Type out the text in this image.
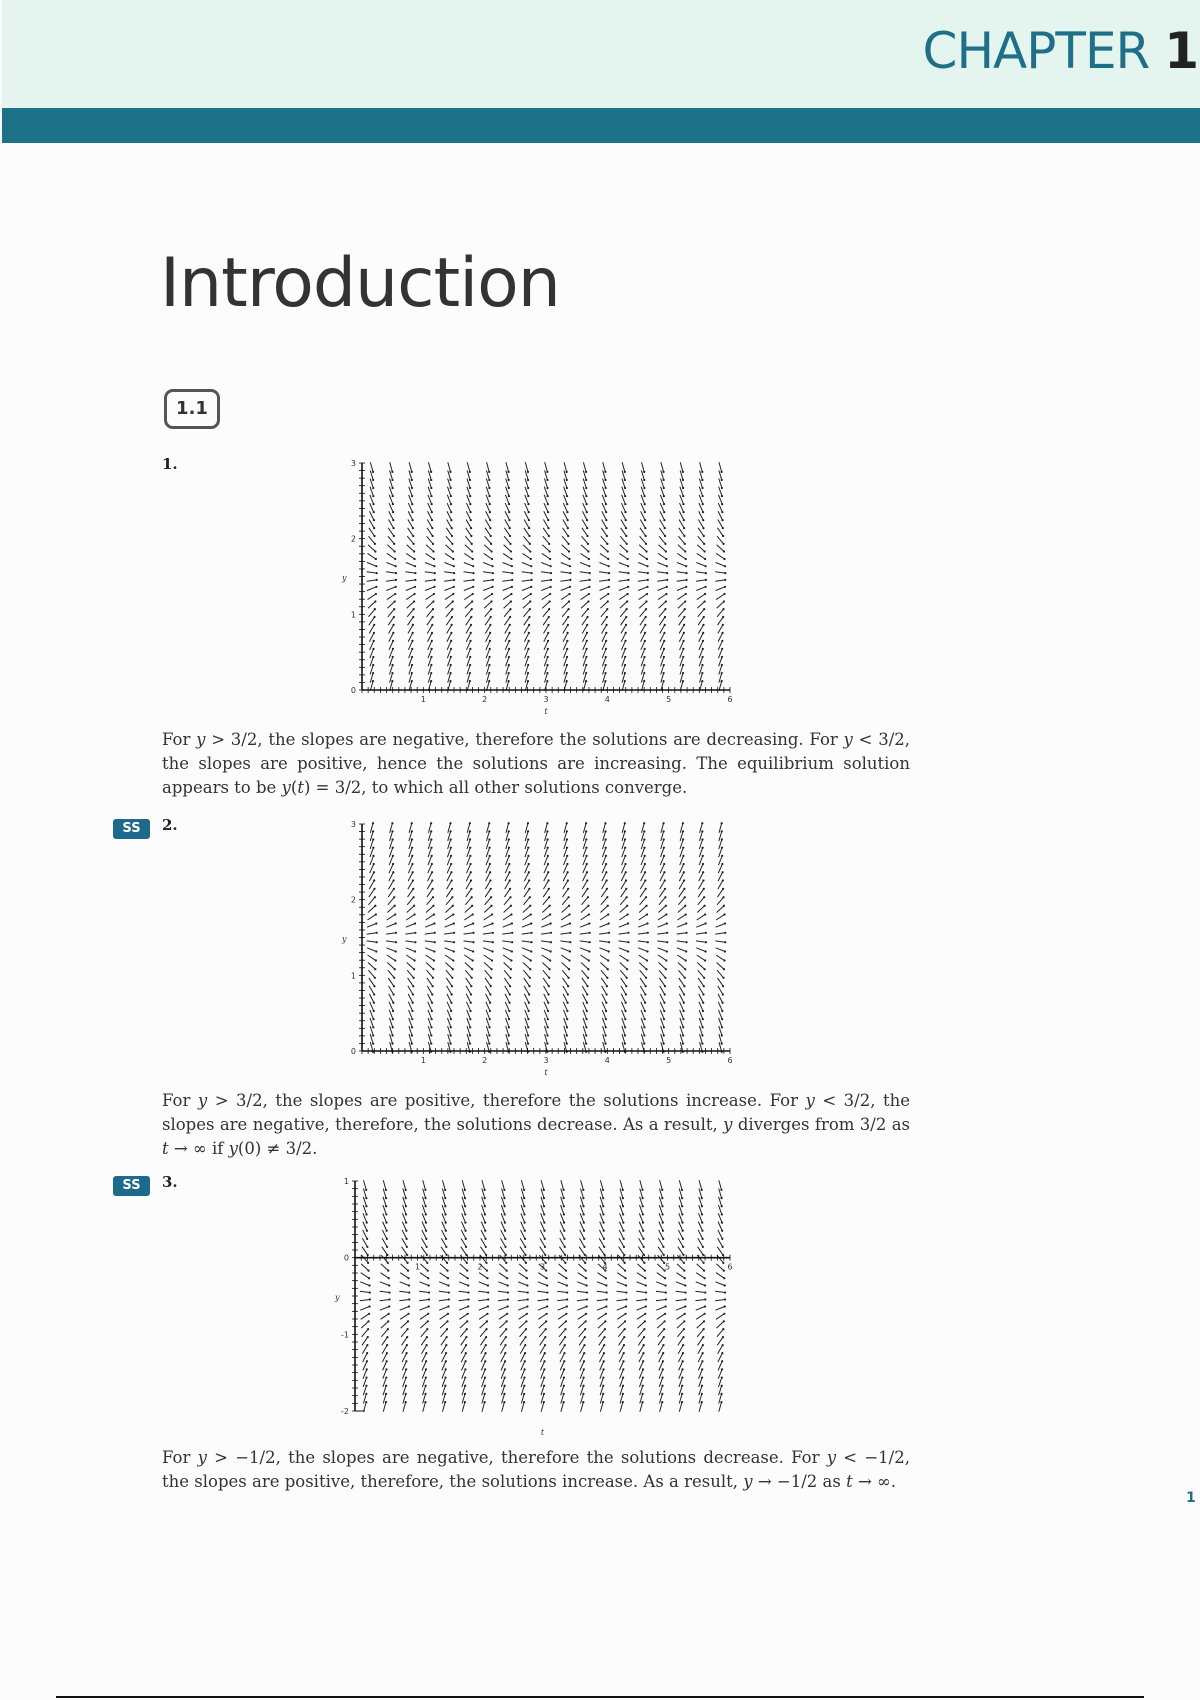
CHAPTER 1
Introduction
1.1
1.
0
1
2
3
1	2	3	4	5	6
y
t

For y > 3/2, the slopes are negative, therefore the solutions are decreasing. For y < 3/2, the slopes are positive, hence the solutions are increasing. The equilibrium solution appears to be y(t) = 3/2, to which all other solutions converge.

SS	2.
0
1
2
3
1	2	3	4	5	6
y
t

For y > 3/2, the slopes are positive, therefore the solutions increase. For y < 3/2, the slopes are negative, therefore, the solutions decrease. As a result, y diverges from 3/2 as t → ∞ if y(0) ≠ 3/2.

SS	3.
-2
-1
0
1
1	2	3	4	5	6
y
t

For y > −1/2, the slopes are negative, therefore the solutions decrease. For y < −1/2, the slopes are positive, therefore, the solutions increase. As a result, y → −1/2 as t → ∞.

1
